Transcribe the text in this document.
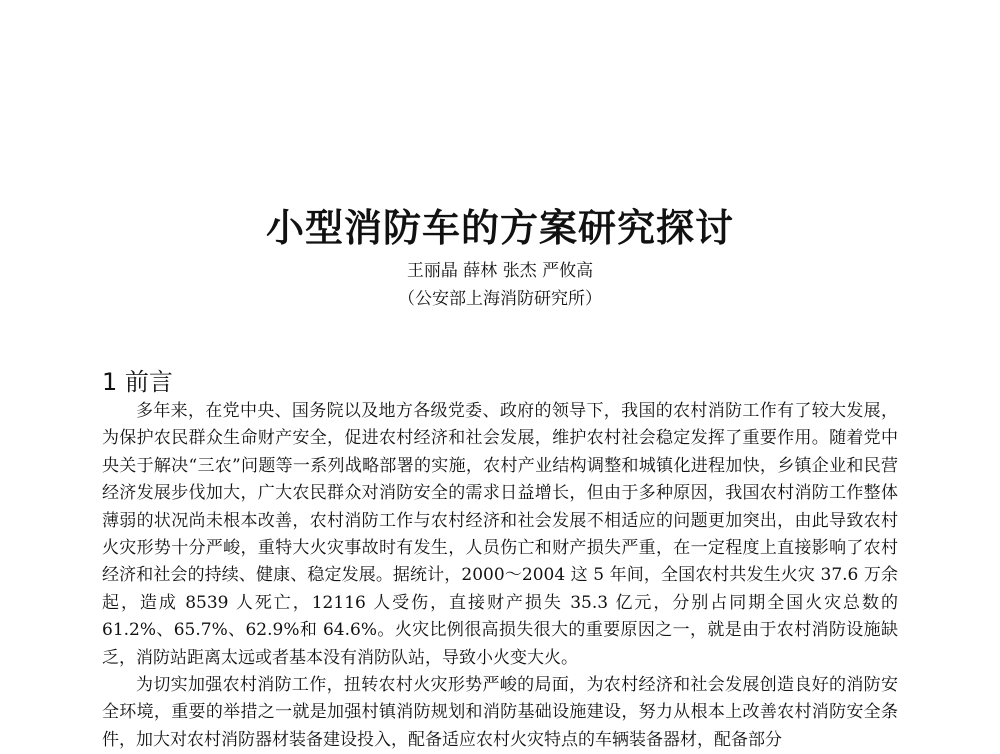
小型消防车的方案研究探讨
王丽晶 薛林 张杰 严攸高
（公安部上海消防研究所）
1 前言

多年来，在党中央、国务院以及地方各级党委、政府的领导下，我国的农村消防工作有了较大发展，为保护农民群众生命财产安全，促进农村经济和社会发展，维护农村社会稳定发挥了重要作用。随着党中央关于解决“三农”问题等一系列战略部署的实施，农村产业结构调整和城镇化进程加快，乡镇企业和民营经济发展步伐加大，广大农民群众对消防安全的需求日益增长，但由于多种原因，我国农村消防工作整体薄弱的状况尚未根本改善，农村消防工作与农村经济和社会发展不相适应的问题更加突出，由此导致农村火灾形势十分严峻，重特大火灾事故时有发生，人员伤亡和财产损失严重，在一定程度上直接影响了农村经济和社会的持续、健康、稳定发展。据统计，2000～2004 这 5 年间，全国农村共发生火灾 37.6 万余起，造成 8539 人死亡，12116 人受伤，直接财产损失 35.3 亿元，分别占同期全国火灾总数的 61.2%、65.7%、62.9%和 64.6%。火灾比例很高损失很大的重要原因之一，就是由于农村消防设施缺乏，消防站距离太远或者基本没有消防队站，导致小火变大火。

为切实加强农村消防工作，扭转农村火灾形势严峻的局面，为农村经济和社会发展创造良好的消防安全环境，重要的举措之一就是加强村镇消防规划和消防基础设施建设，努力从根本上改善农村消防安全条件，加大对农村消防器材装备建设投入，配备适应农村火灾特点的车辆装备器材，配备部分
